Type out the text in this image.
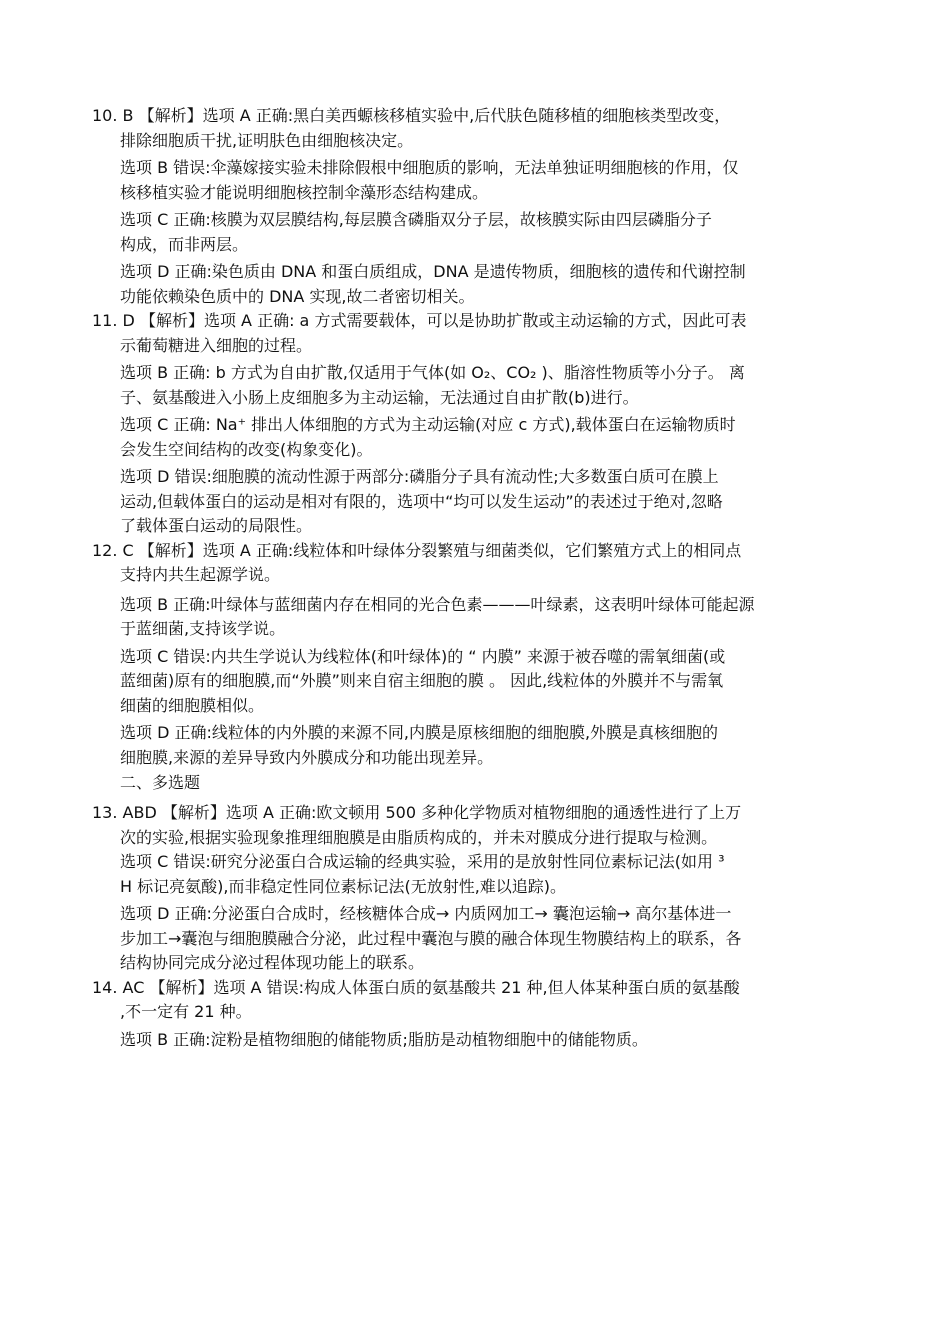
10. B 【解析】选项 A 正确:黑白美西螈核移植实验中,后代肤色随移植的细胞核类型改变，
排除细胞质干扰,证明肤色由细胞核决定。
选项 B 错误:伞藻嫁接实验未排除假根中细胞质的影响，无法单独证明细胞核的作用，仅
核移植实验才能说明细胞核控制伞藻形态结构建成。
选项 C 正确:核膜为双层膜结构,每层膜含磷脂双分子层，故核膜实际由四层磷脂分子
构成，而非两层。
选项 D 正确:染色质由 DNA 和蛋白质组成，DNA 是遗传物质，细胞核的遗传和代谢控制
功能依赖染色质中的 DNA 实现,故二者密切相关。
11. D 【解析】选项 A 正确: a 方式需要载体，可以是协助扩散或主动运输的方式，因此可表
示葡萄糖进入细胞的过程。
选项 B 正确: b 方式为自由扩散,仅适用于气体(如 O₂、CO₂ )、脂溶性物质等小分子。 离
子、氨基酸进入小肠上皮细胞多为主动运输，无法通过自由扩散(b)进行。
选项 C 正确: Na⁺ 排出人体细胞的方式为主动运输(对应 c 方式),载体蛋白在运输物质时
会发生空间结构的改变(构象变化)。
选项 D 错误:细胞膜的流动性源于两部分:磷脂分子具有流动性;大多数蛋白质可在膜上
运动,但载体蛋白的运动是相对有限的，选项中“均可以发生运动”的表述过于绝对,忽略
了载体蛋白运动的局限性。
12. C 【解析】选项 A 正确:线粒体和叶绿体分裂繁殖与细菌类似，它们繁殖方式上的相同点
支持内共生起源学说。
选项 B 正确:叶绿体与蓝细菌内存在相同的光合色素———叶绿素，这表明叶绿体可能起源
于蓝细菌,支持该学说。
选项 C 错误:内共生学说认为线粒体(和叶绿体)的 “ 内膜” 来源于被吞噬的需氧细菌(或
蓝细菌)原有的细胞膜,而“外膜”则来自宿主细胞的膜 。 因此,线粒体的外膜并不与需氧
细菌的细胞膜相似。
选项 D 正确:线粒体的内外膜的来源不同,内膜是原核细胞的细胞膜,外膜是真核细胞的
细胞膜,来源的差异导致内外膜成分和功能出现差异。
二、多选题
13. ABD 【解析】选项 A 正确:欧文顿用 500 多种化学物质对植物细胞的通透性进行了上万
次的实验,根据实验现象推理细胞膜是由脂质构成的，并未对膜成分进行提取与检测。
选项 C 错误:研究分泌蛋白合成运输的经典实验，采用的是放射性同位素标记法(如用 ³
H 标记亮氨酸),而非稳定性同位素标记法(无放射性,难以追踪)。
选项 D 正确:分泌蛋白合成时，经核糖体合成→ 内质网加工→ 囊泡运输→ 高尔基体进一
步加工→囊泡与细胞膜融合分泌，此过程中囊泡与膜的融合体现生物膜结构上的联系，各
结构协同完成分泌过程体现功能上的联系。
14. AC 【解析】选项 A 错误:构成人体蛋白质的氨基酸共 21 种,但人体某种蛋白质的氨基酸
,不一定有 21 种。
选项 B 正确:淀粉是植物细胞的储能物质;脂肪是动植物细胞中的储能物质。
